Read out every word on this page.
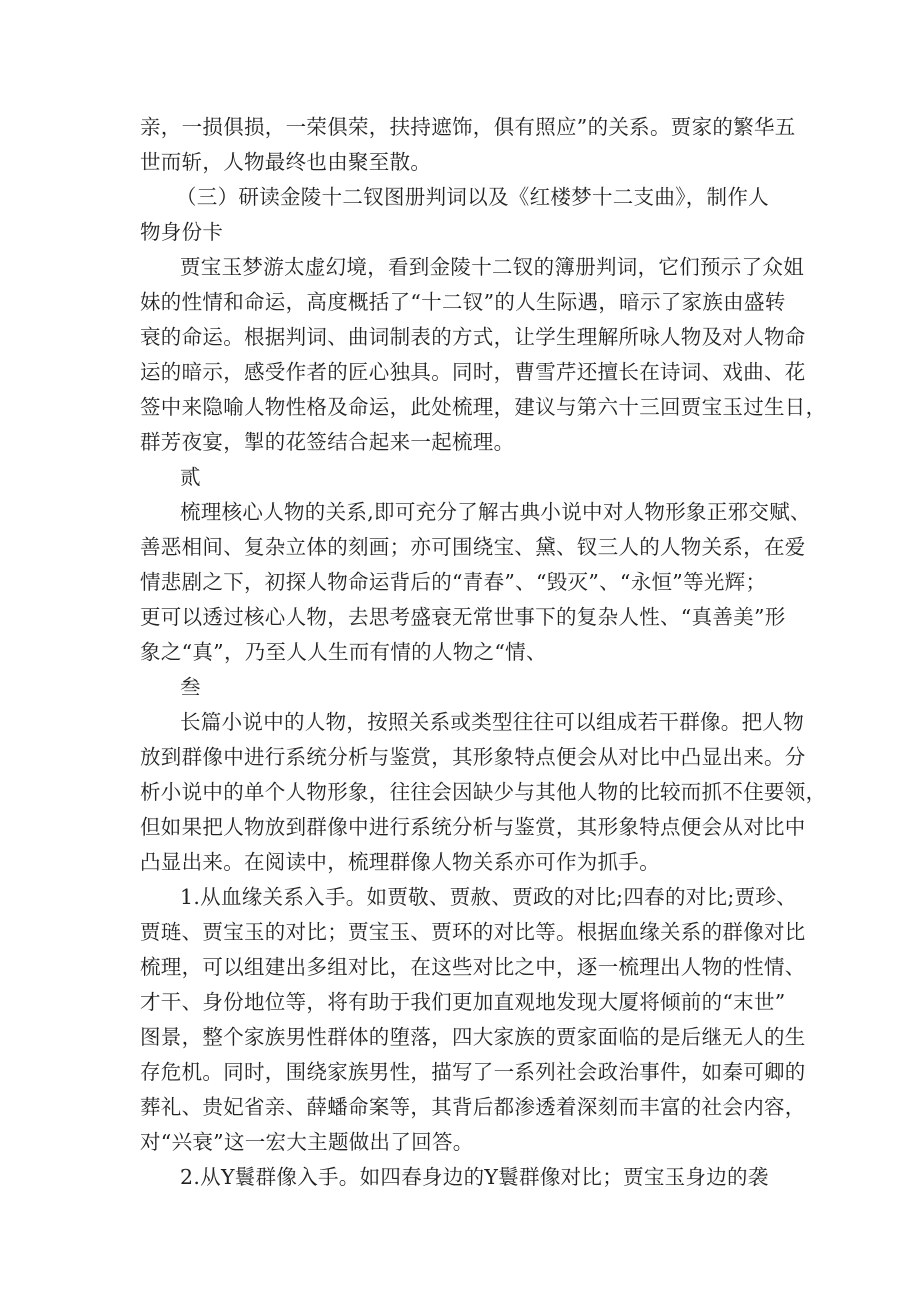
亲，一损俱损，一荣俱荣，扶持遮饰，俱有照应”的关系。贾家的繁华五
世而斩，人物最终也由聚至散。
（三）研读金陵十二钗图册判词以及《红楼梦十二支曲》，制作人
物身份卡
贾宝玉梦游太虚幻境，看到金陵十二钗的簿册判词，它们预示了众姐
妹的性情和命运，高度概括了“十二钗”的人生际遇，暗示了家族由盛转
衰的命运。根据判词、曲词制表的方式，让学生理解所咏人物及对人物命
运的暗示，感受作者的匠心独具。同时，曹雪芹还擅长在诗词、戏曲、花
签中来隐喻人物性格及命运，此处梳理，建议与第六十三回贾宝玉过生日，
群芳夜宴，掣的花签结合起来一起梳理。
贰
梳理核心人物的关系,即可充分了解古典小说中对人物形象正邪交赋、
善恶相间、复杂立体的刻画；亦可围绕宝、黛、钗三人的人物关系，在爱
情悲剧之下，初探人物命运背后的“青春”、“毁灭”、“永恒”等光辉；
更可以透过核心人物，去思考盛衰无常世事下的复杂人性、“真善美”形
象之“真”，乃至人人生而有情的人物之“情、
叁
长篇小说中的人物，按照关系或类型往往可以组成若干群像。把人物
放到群像中进行系统分析与鉴赏，其形象特点便会从对比中凸显出来。分
析小说中的单个人物形象，往往会因缺少与其他人物的比较而抓不住要领，
但如果把人物放到群像中进行系统分析与鉴赏，其形象特点便会从对比中
凸显出来。在阅读中，梳理群像人物关系亦可作为抓手。
1.从血缘关系入手。如贾敬、贾赦、贾政的对比;四春的对比;贾珍、
贾琏、贾宝玉的对比；贾宝玉、贾环的对比等。根据血缘关系的群像对比
梳理，可以组建出多组对比，在这些对比之中，逐一梳理出人物的性情、
才干、身份地位等，将有助于我们更加直观地发现大厦将倾前的“末世”
图景，整个家族男性群体的堕落，四大家族的贾家面临的是后继无人的生
存危机。同时，围绕家族男性，描写了一系列社会政治事件，如秦可卿的
葬礼、贵妃省亲、薛蟠命案等，其背后都渗透着深刻而丰富的社会内容，
对“兴衰”这一宏大主题做出了回答。
2.从Y鬟群像入手。如四春身边的Y鬟群像对比；贾宝玉身边的袭
